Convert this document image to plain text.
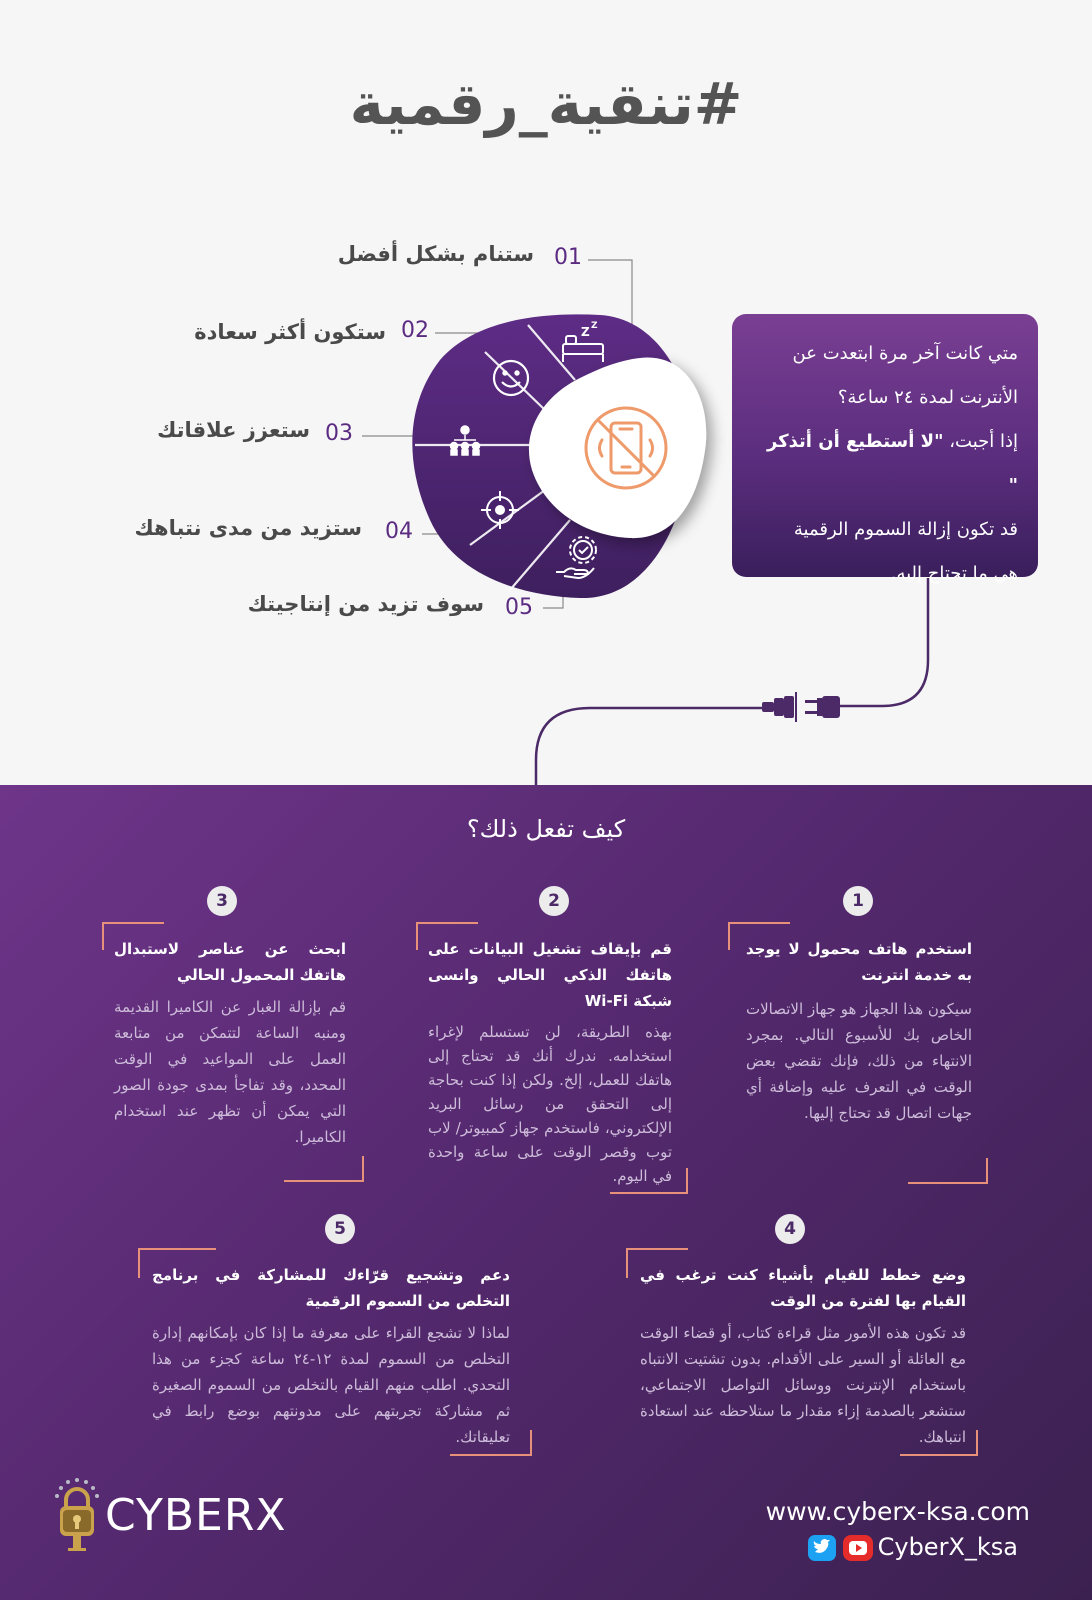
#تنقية_رقمية
Z Z
01
ستنام بشكل أفضل
02
ستكون أكثر سعادة
03
ستعزز علاقاتك
04
ستزيد من مدى نتباهك
05
سوف تزيد من إنتاجيتك

متي كانت آخر مرة ابتعدت عن

الأنترنت لمدة ٢٤ ساعة؟

إذا أجبت، "لا أستطيع أن أتذكر "

قد تكون إزالة السموم الرقمية

هي ما تحتاج إليه.

كيف تفعل ذلك؟
1

استخدم هاتف محمول لا يوجد به خدمة انترنت

سيكون هذا الجهاز هو جهاز الاتصالات الخاص بك للأسبوع التالي. بمجرد الانتهاء من ذلك، فإنك تقضي بعض الوقت في التعرف عليه وإضافة أي جهات اتصال قد تحتاج إليها.

2

قم بإيقاف تشغيل البيانات على هاتفك الذكي الحالي وانسى شبكة Wi-Fi

بهذه الطريقة، لن تستسلم لإغراء استخدامه. ندرك أنك قد تحتاج إلى هاتفك للعمل، إلخ. ولكن إذا كنت بحاجة إلى التحقق من رسائل البريد الإلكتروني، فاستخدم جهاز كمبيوتر/ لاب توب وقصر الوقت على ساعة واحدة في اليوم.

3

ابحث عن عناصر لاستبدال هاتفك المحمول الحالي

قم بإزالة الغبار عن الكاميرا القديمة ومنبه الساعة لتتمكن من متابعة العمل على المواعيد في الوقت المحدد، وقد تفاجأ بمدى جودة الصور التي يمكن أن تظهر عند استخدام الكاميرا.

4

وضع خطط للقيام بأشياء كنت ترغب في القيام بها لفترة من الوقت

قد تكون هذه الأمور مثل قراءة كتاب، أو قضاء الوقت مع العائلة أو السير على الأقدام. بدون تشتيت الانتباه باستخدام الإنترنت ووسائل التواصل الاجتماعي، ستشعر بالصدمة إزاء مقدار ما ستلاحظه عند استعادة انتباهك.

5

دعم وتشجيع قرّاءك للمشاركة في برنامج التخلص من السموم الرقمية

لماذا لا تشجع القراء على معرفة ما إذا كان بإمكانهم إدارة التخلص من السموم لمدة ١٢-٢٤ ساعة كجزء من هذا التحدي. اطلب منهم القيام بالتخلص من السموم الصغيرة ثم مشاركة تجربتهم على مدونتهم بوضع رابط في تعليقاتك.

CYBERX	www.cyberx-ksa.com
CyberX_ksa
